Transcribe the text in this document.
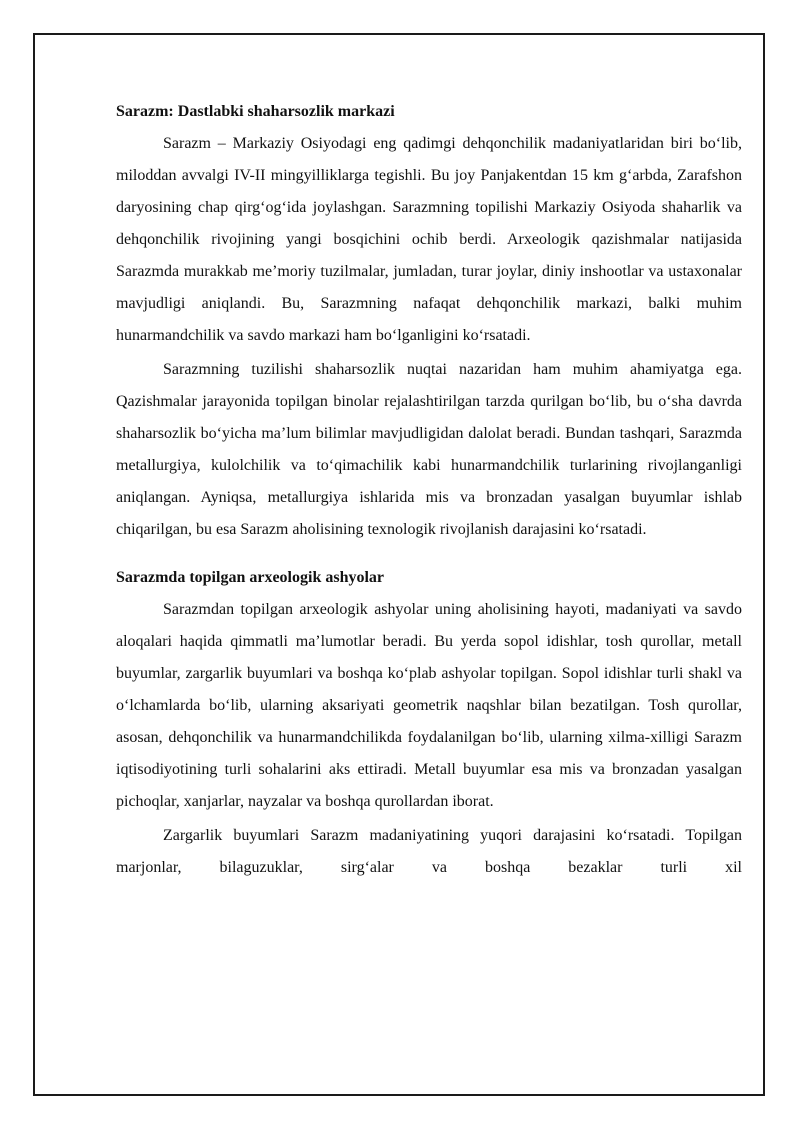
Sarazm: Dastlabki shaharsozlik markazi

Sarazm – Markaziy Osiyodagi eng qadimgi dehqonchilik madaniyatlaridan biri bo‘lib, miloddan avvalgi IV-II mingyilliklarga tegishli. Bu joy Panjakentdan 15 km g‘arbda, Zarafshon daryosining chap qirg‘og‘ida joylashgan. Sarazmning topilishi Markaziy Osiyoda shaharlik va dehqonchilik rivojining yangi bosqichini ochib berdi. Arxeologik qazishmalar natijasida Sarazmda murakkab me’moriy tuzilmalar, jumladan, turar joylar, diniy inshootlar va ustaxonalar mavjudligi aniqlandi. Bu, Sarazmning nafaqat dehqonchilik markazi, balki muhim hunarmandchilik va savdo markazi ham bo‘lganligini ko‘rsatadi.

Sarazmning tuzilishi shaharsozlik nuqtai nazaridan ham muhim ahamiyatga ega. Qazishmalar jarayonida topilgan binolar rejalashtirilgan tarzda qurilgan bo‘lib, bu o‘sha davrda shaharsozlik bo‘yicha ma’lum bilimlar mavjudligidan dalolat beradi. Bundan tashqari, Sarazmda metallurgiya, kulolchilik va to‘qimachilik kabi hunarmandchilik turlarining rivojlanganligi aniqlangan. Ayniqsa, metallurgiya ishlarida mis va bronzadan yasalgan buyumlar ishlab chiqarilgan, bu esa Sarazm aholisining texnologik rivojlanish darajasini ko‘rsatadi.

Sarazmda topilgan arxeologik ashyolar

Sarazmdan topilgan arxeologik ashyolar uning aholisining hayoti, madaniyati va savdo aloqalari haqida qimmatli ma’lumotlar beradi. Bu yerda sopol idishlar, tosh qurollar, metall buyumlar, zargarlik buyumlari va boshqa ko‘plab ashyolar topilgan. Sopol idishlar turli shakl va o‘lchamlarda bo‘lib, ularning aksariyati geometrik naqshlar bilan bezatilgan. Tosh qurollar, asosan, dehqonchilik va hunarmandchilikda foydalanilgan bo‘lib, ularning xilma-xilligi Sarazm iqtisodiyotining turli sohalarini aks ettiradi. Metall buyumlar esa mis va bronzadan yasalgan pichoqlar, xanjarlar, nayzalar va boshqa qurollardan iborat.

Zargarlik buyumlari Sarazm madaniyatining yuqori darajasini ko‘rsatadi. Topilgan marjonlar, bilaguzuklar, sirg‘alar va boshqa bezaklar turli xil
